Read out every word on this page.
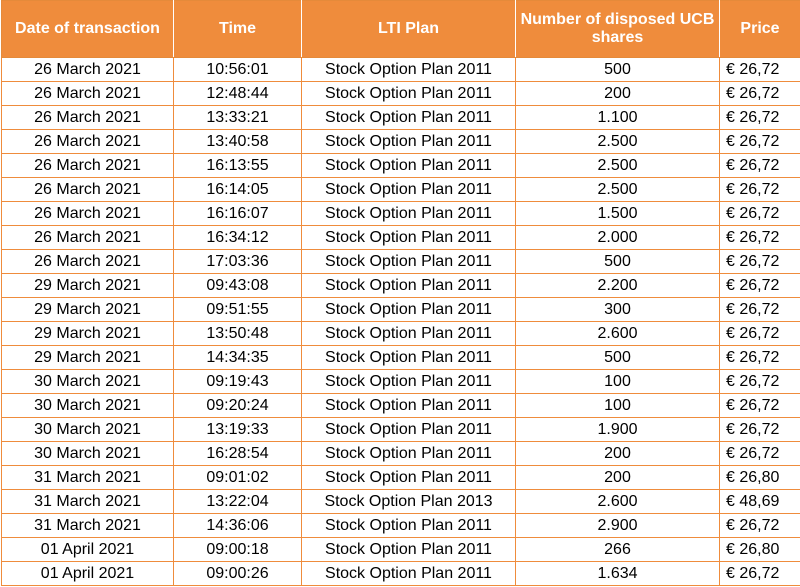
Date of transaction	Time	LTI Plan	Number of disposed UCB shares	Price
26 March 2021	10:56:01	Stock Option Plan 2011	500	€ 26,72
26 March 2021	12:48:44	Stock Option Plan 2011	200	€ 26,72
26 March 2021	13:33:21	Stock Option Plan 2011	1.100	€ 26,72
26 March 2021	13:40:58	Stock Option Plan 2011	2.500	€ 26,72
26 March 2021	16:13:55	Stock Option Plan 2011	2.500	€ 26,72
26 March 2021	16:14:05	Stock Option Plan 2011	2.500	€ 26,72
26 March 2021	16:16:07	Stock Option Plan 2011	1.500	€ 26,72
26 March 2021	16:34:12	Stock Option Plan 2011	2.000	€ 26,72
26 March 2021	17:03:36	Stock Option Plan 2011	500	€ 26,72
29 March 2021	09:43:08	Stock Option Plan 2011	2.200	€ 26,72
29 March 2021	09:51:55	Stock Option Plan 2011	300	€ 26,72
29 March 2021	13:50:48	Stock Option Plan 2011	2.600	€ 26,72
29 March 2021	14:34:35	Stock Option Plan 2011	500	€ 26,72
30 March 2021	09:19:43	Stock Option Plan 2011	100	€ 26,72
30 March 2021	09:20:24	Stock Option Plan 2011	100	€ 26,72
30 March 2021	13:19:33	Stock Option Plan 2011	1.900	€ 26,72
30 March 2021	16:28:54	Stock Option Plan 2011	200	€ 26,72
31 March 2021	09:01:02	Stock Option Plan 2011	200	€ 26,80
31 March 2021	13:22:04	Stock Option Plan 2013	2.600	€ 48,69
31 March 2021	14:36:06	Stock Option Plan 2011	2.900	€ 26,72
01 April 2021	09:00:18	Stock Option Plan 2011	266	€ 26,80
01 April 2021	09:00:26	Stock Option Plan 2011	1.634	€ 26,72
